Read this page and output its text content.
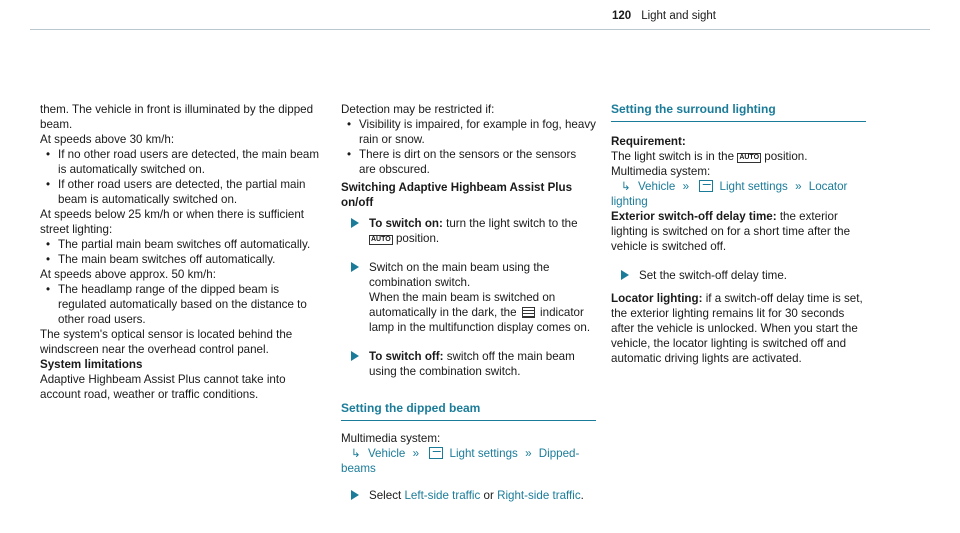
120 Light and sight

them. The vehicle in front is illuminated by the dipped beam.

At speeds above 30 km/h:

• If no other road users are detected, the main beam is automatically switched on.
• If other road users are detected, the partial main beam is automatically switched on.

At speeds below 25 km/h or when there is sufficient street lighting:

• The partial main beam switches off automatically.
• The main beam switches off automatically.

At speeds above approx. 50 km/h:

• The headlamp range of the dipped beam is regulated automatically based on the distance to other road users.

The system's optical sensor is located behind the windscreen near the overhead control panel.

System limitations

Adaptive Highbeam Assist Plus cannot take into account road, weather or traffic conditions.

Detection may be restricted if:

• Visibility is impaired, for example in fog, heavy rain or snow.
• There is dirt on the sensors or the sensors are obscured.
Switching Adaptive Highbeam Assist Plus on/off
To switch on: turn the light switch to the AUTO position.
Switch on the main beam using the combination switch.
When the main beam is switched on automatically in the dark, the indicator lamp in the multifunction display comes on.
To switch off: switch off the main beam using the combination switch.
Setting the dipped beam

Multimedia system:

↳ Vehicle »	Light settings » Dipped-beams
Select Left-side traffic or Right-side traffic.
Setting the surround lighting

Requirement:

The light switch is in the AUTO position.

Multimedia system:

↳ Vehicle »	Light settings » Locator lighting

Exterior switch-off delay time: the exterior lighting is switched on for a short time after the vehicle is switched off.

Set the switch-off delay time.

Locator lighting: if a switch-off delay time is set, the exterior lighting remains lit for 30 seconds after the vehicle is unlocked. When you start the vehicle, the locator lighting is switched off and automatic driving lights are activated.
